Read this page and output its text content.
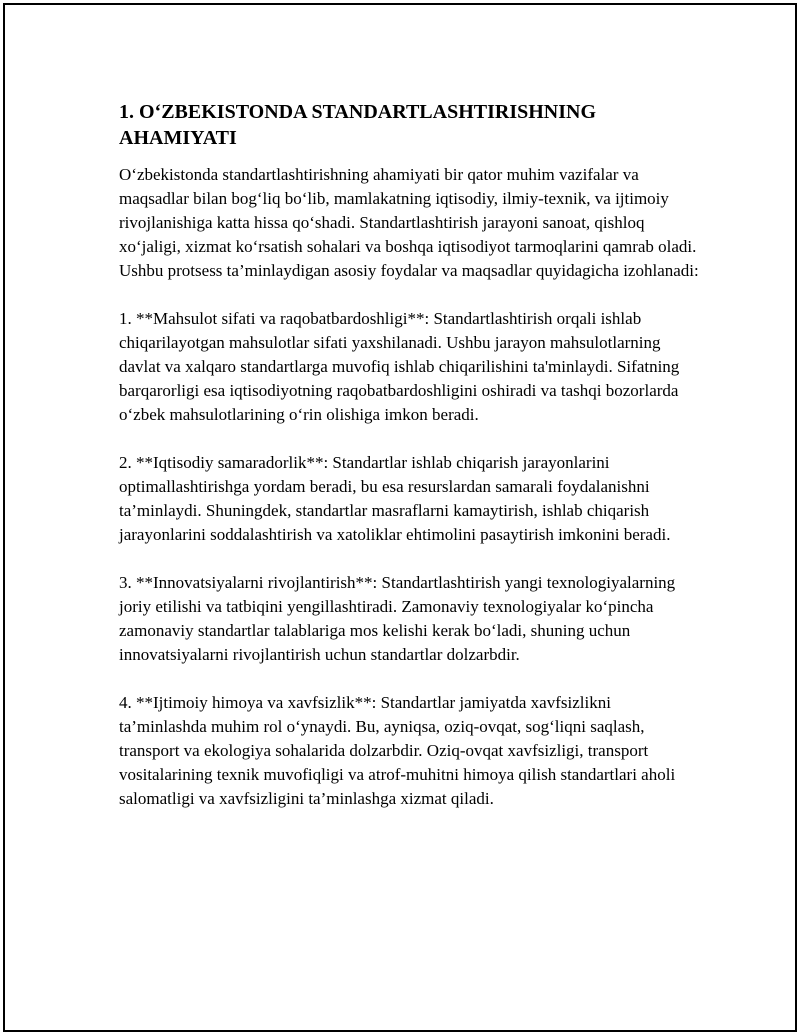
1. O‘ZBEKISTONDA STANDARTLASHTIRISHNING AHAMIYATI

O‘zbekistonda standartlashtirishning ahamiyati bir qator muhim vazifalar va maqsadlar bilan bog‘liq bo‘lib, mamlakatning iqtisodiy, ilmiy-texnik, va ijtimoiy rivojlanishiga katta hissa qo‘shadi. Standartlashtirish jarayoni sanoat, qishloq xo‘jaligi, xizmat ko‘rsatish sohalari va boshqa iqtisodiyot tarmoqlarini qamrab oladi. Ushbu protsess ta’minlaydigan asosiy foydalar va maqsadlar quyidagicha izohlanadi:

1. **Mahsulot sifati va raqobatbardoshligi**: Standartlashtirish orqali ishlab chiqarilayotgan mahsulotlar sifati yaxshilanadi. Ushbu jarayon mahsulotlarning davlat va xalqaro standartlarga muvofiq ishlab chiqarilishini ta'minlaydi. Sifatning barqarorligi esa iqtisodiyotning raqobatbardoshligini oshiradi va tashqi bozorlarda o‘zbek mahsulotlarining o‘rin olishiga imkon beradi.

2. **Iqtisodiy samaradorlik**: Standartlar ishlab chiqarish jarayonlarini optimallashtirishga yordam beradi, bu esa resurslardan samarali foydalanishni ta’minlaydi. Shuningdek, standartlar masraflarni kamaytirish, ishlab chiqarish jarayonlarini soddalashtirish va xatoliklar ehtimolini pasaytirish imkonini beradi.

3. **Innovatsiyalarni rivojlantirish**: Standartlashtirish yangi texnologiyalarning joriy etilishi va tatbiqini yengillashtiradi. Zamonaviy texnologiyalar ko‘pincha zamonaviy standartlar talablariga mos kelishi kerak bo‘ladi, shuning uchun innovatsiyalarni rivojlantirish uchun standartlar dolzarbdir.

4. **Ijtimoiy himoya va xavfsizlik**: Standartlar jamiyatda xavfsizlikni ta’minlashda muhim rol o‘ynaydi. Bu, ayniqsa, oziq-ovqat, sog‘liqni saqlash, transport va ekologiya sohalarida dolzarbdir. Oziq-ovqat xavfsizligi, transport vositalarining texnik muvofiqligi va atrof-muhitni himoya qilish standartlari aholi salomatligi va xavfsizligini ta’minlashga xizmat qiladi.
